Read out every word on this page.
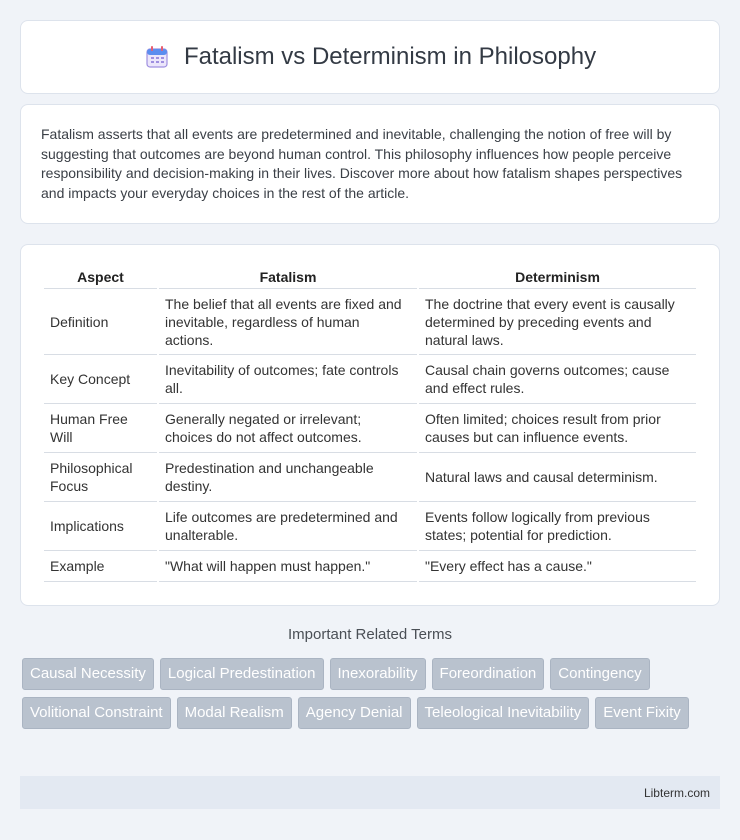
Fatalism vs Determinism in Philosophy

Fatalism asserts that all events are predetermined and inevitable, challenging the notion of free will by suggesting that outcomes are beyond human control. This philosophy influences how people perceive responsibility and decision-making in their lives. Discover more about how fatalism shapes perspectives and impacts your everyday choices in the rest of the article.

Aspect	Fatalism	Determinism
Definition	The belief that all events are fixed and inevitable, regardless of human actions.	The doctrine that every event is causally determined by preceding events and natural laws.
Key Concept	Inevitability of outcomes; fate controls all.	Causal chain governs outcomes; cause and effect rules.
Human Free Will	Generally negated or irrelevant; choices do not affect outcomes.	Often limited; choices result from prior causes but can influence events.
Philosophical Focus	Predestination and unchangeable destiny.	Natural laws and causal determinism.
Implications	Life outcomes are predetermined and unalterable.	Events follow logically from previous states; potential for prediction.
Example	"What will happen must happen."	"Every effect has a cause."
Important Related Terms
Causal Necessity	Logical Predestination	Inexorability	Foreordination	Contingency
Volitional Constraint	Modal Realism	Agency Denial	Teleological Inevitability	Event Fixity
Libterm.com
